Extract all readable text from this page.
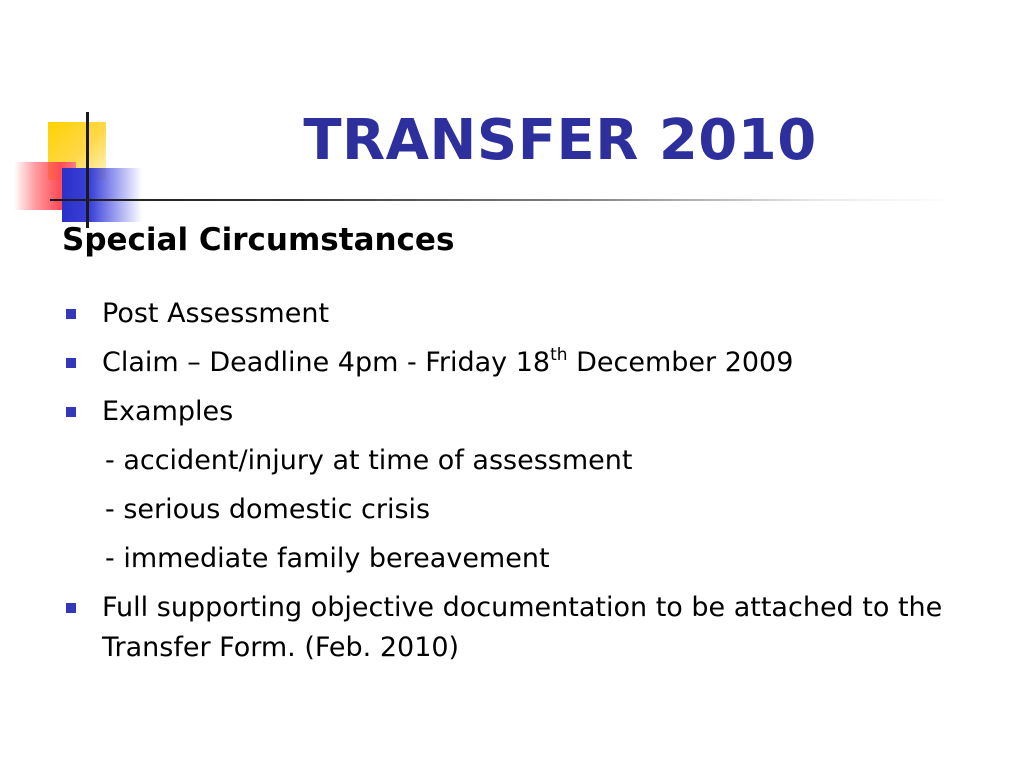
TRANSFER 2010
Special Circumstances
Post Assessment
Claim – Deadline 4pm - Friday 18th December 2009
Examples
- accident/injury at time of assessment
- serious domestic crisis
- immediate family bereavement
Full supporting objective documentation to be attached to the Transfer Form. (Feb. 2010)
